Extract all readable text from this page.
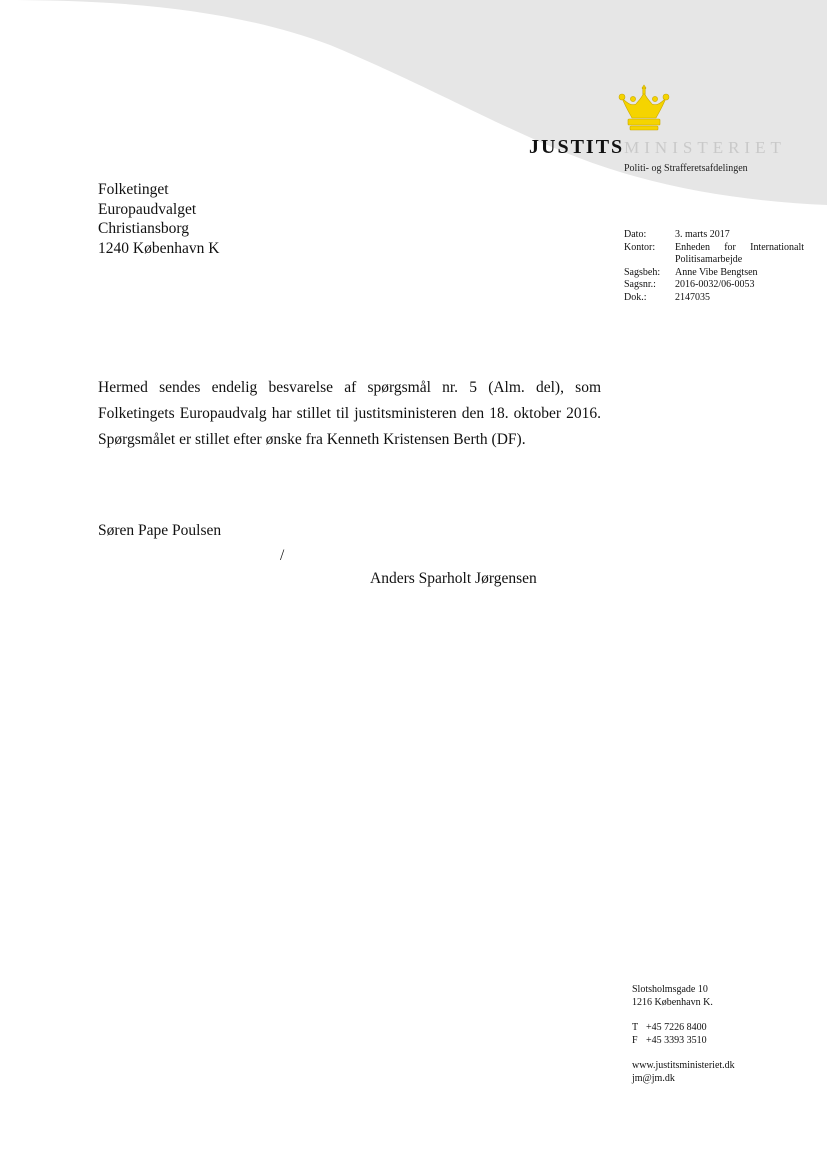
JUSTITSMINISTERIET
Politi- og Strafferetsafdelingen
Folketinget
Europaudvalget
Christiansborg
1240 København K
Dato:	3. marts 2017
Kontor:	Enheden for Internationalt
Politisamarbejde
Sagsbeh:	Anne Vibe Bengtsen
Sagsnr.:	2016-0032/06-0053
Dok.:	2147035
Hermed sendes endelig besvarelse af spørgsmål nr. 5 (Alm. del), som Folketingets Europaudvalg har stillet til justitsministeren den 18. oktober 2016. Spørgsmålet er stillet efter ønske fra Kenneth Kristensen Berth (DF).
Søren Pape Poulsen
/
Anders Sparholt Jørgensen
Slotsholmsgade 10
1216 København K.
T +45 7226 8400
F +45 3393 3510
www.justitsministeriet.dk
jm@jm.dk
